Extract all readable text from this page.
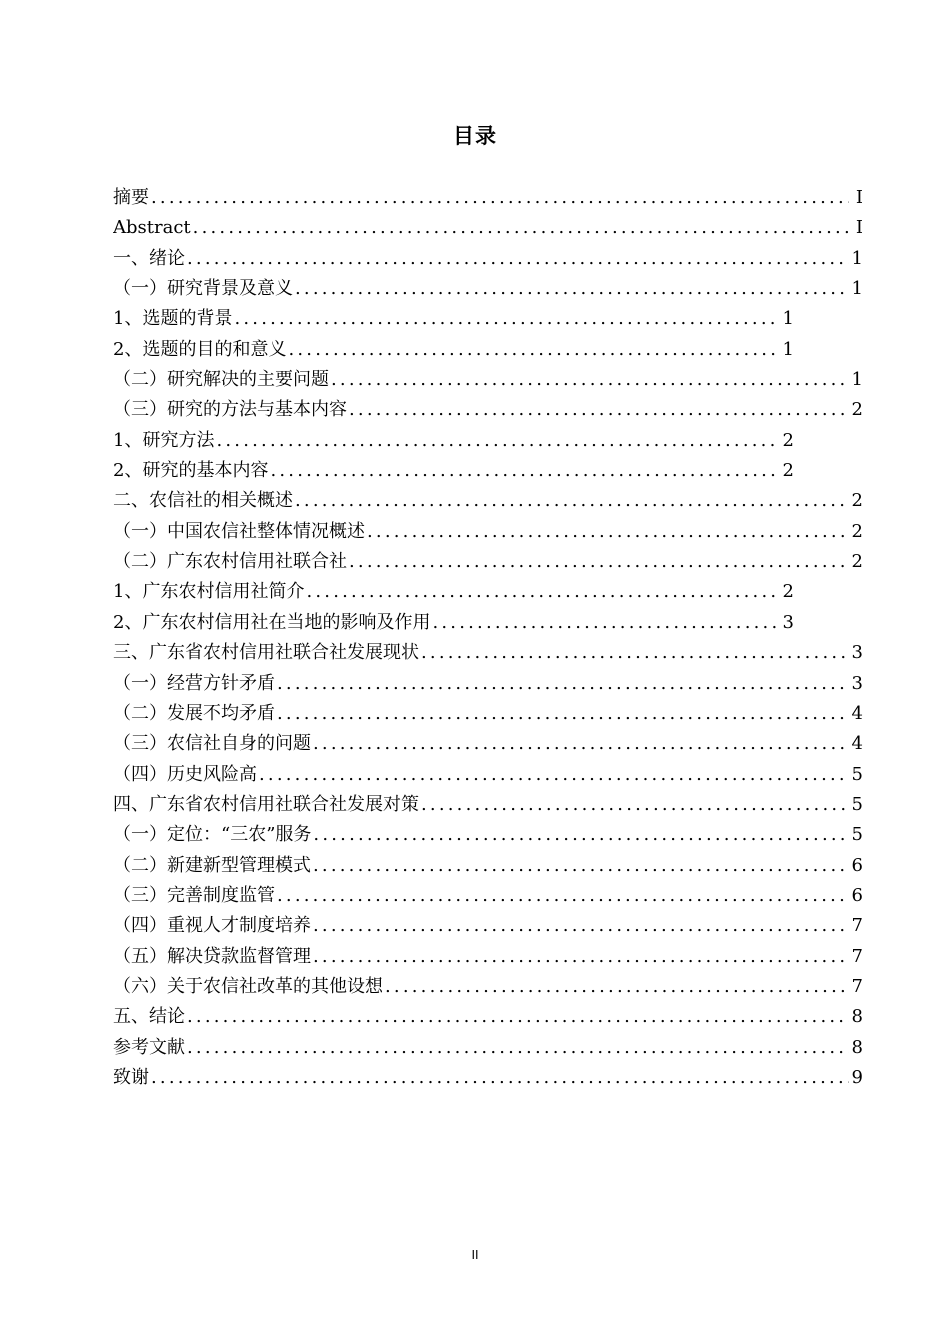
目录
摘要 .....	I
Abstract .....	I
一、绪论 .....	1
（一）研究背景及意义 .....	1
1、选题的背景 .....	1
2、选题的目的和意义 .....	1
（二）研究解决的主要问题 .....	1
（三）研究的方法与基本内容 .....	2
1、研究方法 .....	2
2、研究的基本内容 .....	2
二、农信社的相关概述 .....	2
（一）中国农信社整体情况概述 .....	2
（二）广东农村信用社联合社 .....	2
1、广东农村信用社简介 .....	2
2、广东农村信用社在当地的影响及作用 .....	3
三、广东省农村信用社联合社发展现状 .....	3
（一）经营方针矛盾 .....	3
（二）发展不均矛盾 .....	4
（三）农信社自身的问题 .....	4
（四）历史风险高 .....	5
四、广东省农村信用社联合社发展对策 .....	5
（一）定位：“三农”服务 .....	5
（二）新建新型管理模式 .....	6
（三）完善制度监管 .....	6
（四）重视人才制度培养 .....	7
（五）解决贷款监督管理 .....	7
（六）关于农信社改革的其他设想 .....	7
五、结论 .....	8
参考文献 .....	8
致谢 .....	9
II
